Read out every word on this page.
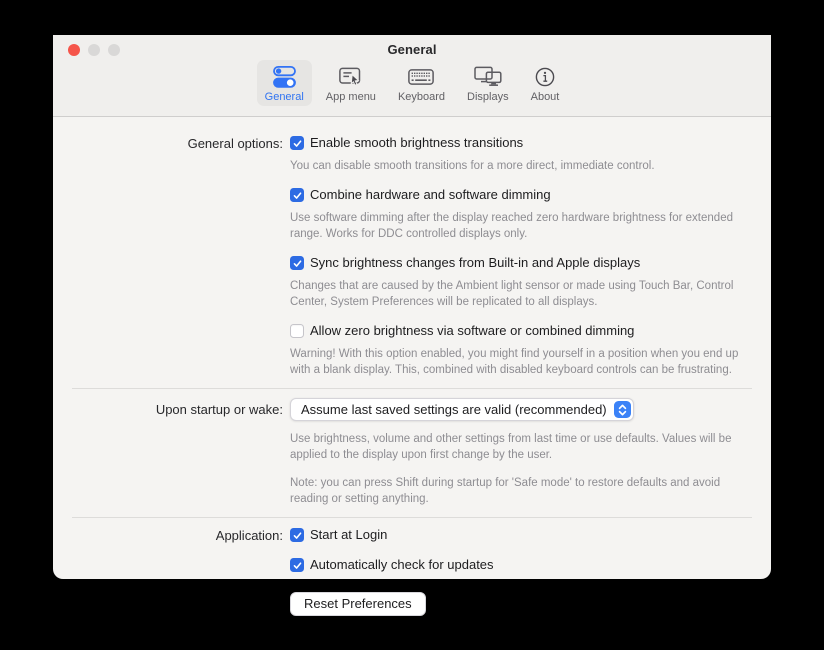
General
General App menu Keyboard Displays About
General options: Enable smooth brightness transitions
You can disable smooth transitions for a more direct, immediate control.
Combine hardware and software dimming
Use software dimming after the display reached zero hardware brightness for extended range. Works for DDC controlled displays only.
Sync brightness changes from Built-in and Apple displays
Changes that are caused by the Ambient light sensor or made using Touch Bar, Control Center, System Preferences will be replicated to all displays.
Allow zero brightness via software or combined dimming
Warning! With this option enabled, you might find yourself in a position when you end up with a blank display. This, combined with disabled keyboard controls can be frustrating.
Upon startup or wake: Assume last saved settings are valid (recommended)
Use brightness, volume and other settings from last time or use defaults. Values will be applied to the display upon first change by the user.
Note: you can press Shift during startup for 'Safe mode' to restore defaults and avoid reading or setting anything.
Application: Start at Login
Automatically check for updates
Reset Preferences
